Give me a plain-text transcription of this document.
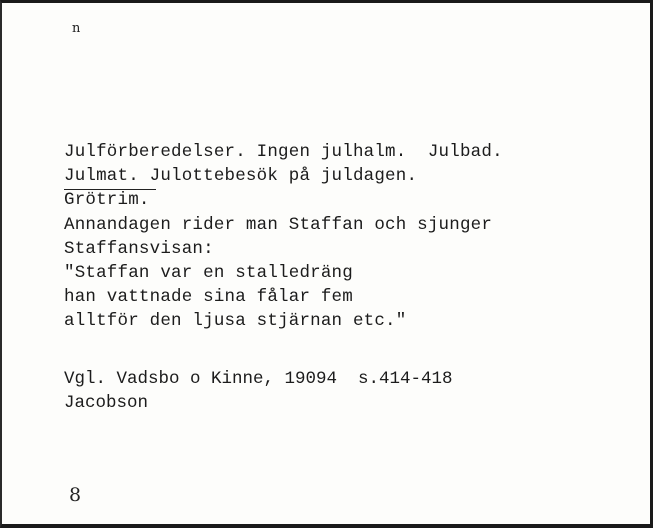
n

Julförberedelser. Ingen julhalm.  Julbad.
Julmat. Julottebesök på juldagen.
Grötrim.
Annandagen rider man Staffan och sjunger
Staffansvisan:
"Staffan var en stalledräng
han vattnade sina fålar fem
alltför den ljusa stjärnan etc."

Vgl. Vadsbo o Kinne, 19094  s.414-418
Jacobson

8
